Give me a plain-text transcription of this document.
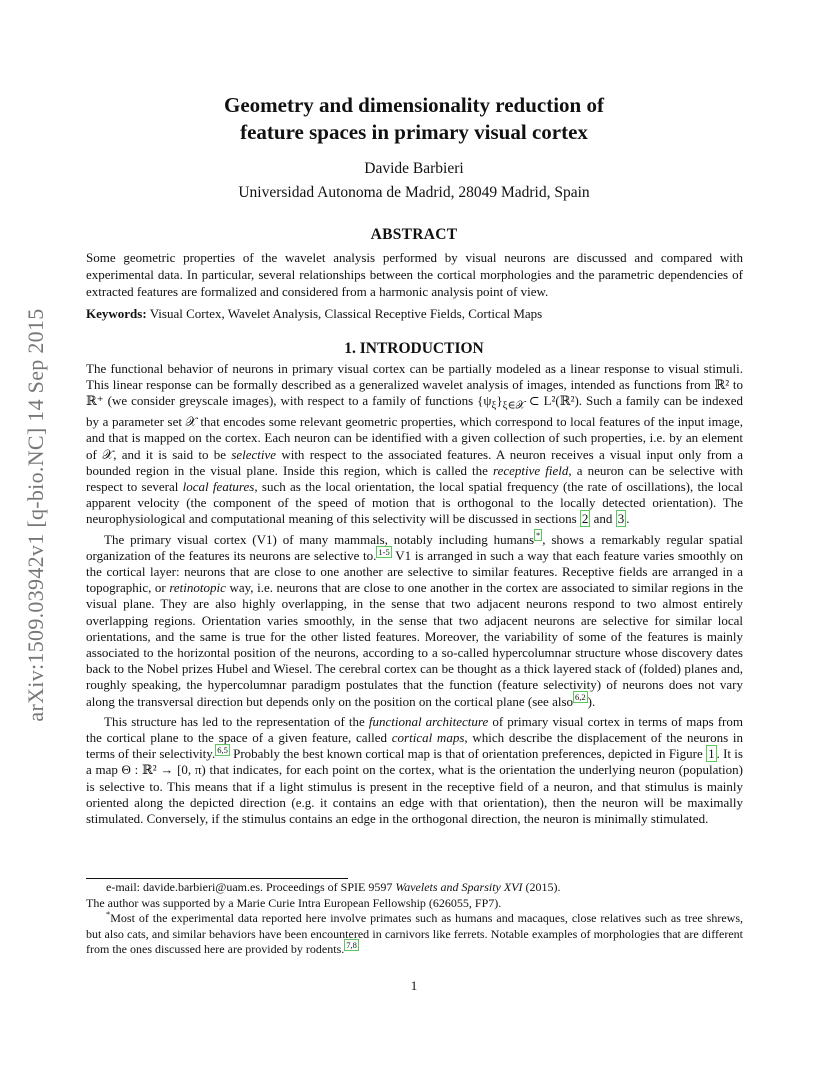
arXiv:1509.03942v1 [q-bio.NC] 14 Sep 2015
Geometry and dimensionality reduction of
feature spaces in primary visual cortex
Davide Barbieri
Universidad Autonoma de Madrid, 28049 Madrid, Spain
ABSTRACT
Some geometric properties of the wavelet analysis performed by visual neurons are discussed and compared with experimental data. In particular, several relationships between the cortical morphologies and the parametric dependencies of extracted features are formalized and considered from a harmonic analysis point of view.
Keywords: Visual Cortex, Wavelet Analysis, Classical Receptive Fields, Cortical Maps
1. INTRODUCTION

The functional behavior of neurons in primary visual cortex can be partially modeled as a linear response to visual stimuli. This linear response can be formally described as a generalized wavelet analysis of images, intended as functions from ℝ² to ℝ⁺ (we consider greyscale images), with respect to a family of functions $\{\psi_\xi\}_{\xi\in 𝒳}$ ⊂ L²(ℝ²). Such a family can be indexed by a parameter set 𝒳 that encodes some relevant geometric properties, which correspond to local features of the input image, and that is mapped on the cortex. Each neuron can be identified with a given collection of such properties, i.e. by an element of 𝒳, and it is said to be selective with respect to the associated features. A neuron receives a visual input only from a bounded region in the visual plane. Inside this region, which is called the receptive field, a neuron can be selective with respect to several local features, such as the local orientation, the local spatial frequency (the rate of oscillations), the local apparent velocity (the component of the speed of motion that is orthogonal to the locally detected orientation). The neurophysiological and computational meaning of this selectivity will be discussed in sections 2 and 3 .

The primary visual cortex (V1) of many mammals, notably including humans * , shows a remarkably regular spatial organization of the features its neurons are selective to. $^{1-5}$ V1 is arranged in such a way that each feature varies smoothly on the cortical layer: neurons that are close to one another are selective to similar features. Receptive fields are arranged in a topographic, or retinotopic way, i.e. neurons that are close to one another in the cortex are associated to similar regions in the visual plane. They are also highly overlapping, in the sense that two adjacent neurons respond to two almost entirely overlapping regions. Orientation varies smoothly, in the sense that two adjacent neurons are selective for similar local orientations, and the same is true for the other listed features. Moreover, the variability of some of the features is mainly associated to the horizontal position of the neurons, according to a so-called hypercolumnar structure whose discovery dates back to the Nobel prizes Hubel and Wiesel. The cerebral cortex can be thought as a thick layered stack of (folded) planes and, roughly speaking, the hypercolumnar paradigm postulates that the function (feature selectivity) of neurons does not vary along the transversal direction but depends only on the position on the cortical plane (see also $^{6,2}$ ).

This structure has led to the representation of the functional architecture of primary visual cortex in terms of maps from the cortical plane to the space of a given feature, called cortical maps, which describe the displacement of the neurons in terms of their selectivity. $^{6,5}$ Probably the best known cortical map is that of orientation preferences, depicted in Figure 1 . It is a map Θ : ℝ² → [0, π) that indicates, for each point on the cortex, what is the orientation the underlying neuron (population) is selective to. This means that if a light stimulus is present in the receptive field of a neuron, and that stimulus is mainly oriented along the depicted direction (e.g. it contains an edge with that orientation), then the neuron will be maximally stimulated. Conversely, if the stimulus contains an edge in the orthogonal direction, the neuron is minimally stimulated.

e-mail: davide.barbieri@uam.es. Proceedings of SPIE 9597 Wavelets and Sparsity XVI (2015).

The author was supported by a Marie Curie Intra European Fellowship (626055, FP7).

*Most of the experimental data reported here involve primates such as humans and macaques, close relatives such as tree shrews, but also cats, and similar behaviors have been encountered in carnivors like ferrets. Notable examples of morphologies that are different from the ones discussed here are provided by rodents. $^{7,8}$

1
